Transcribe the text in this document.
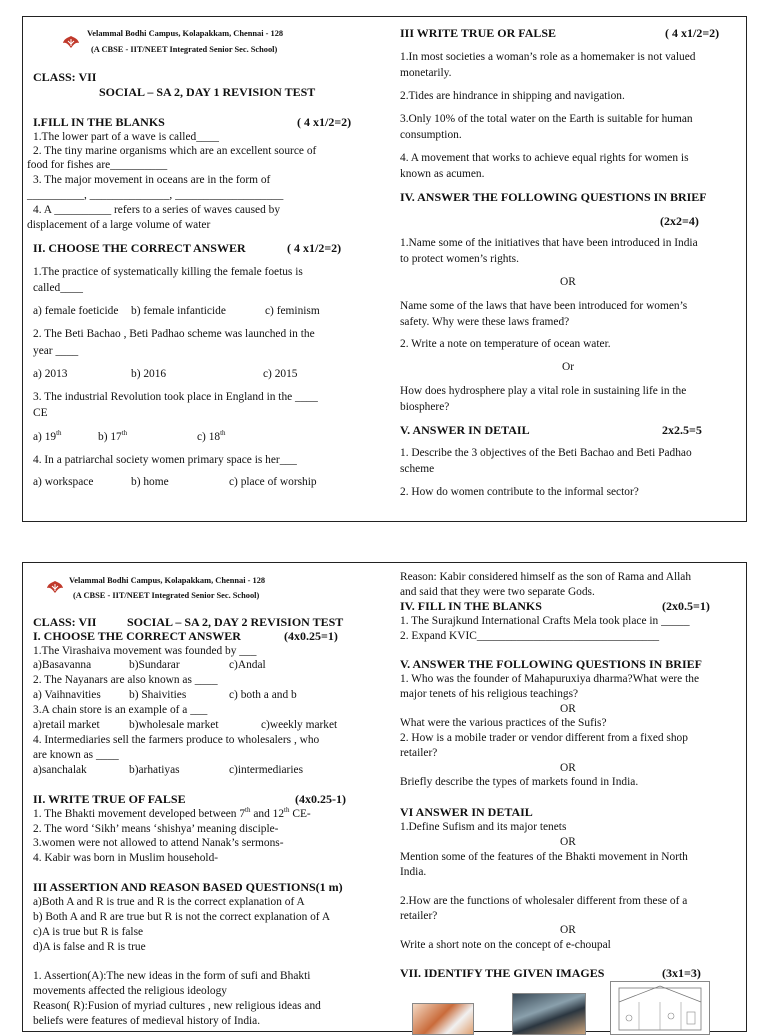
Velammal Bodhi Campus, Kolapakkam, Chennai - 128
(A CBSE - IIT/NEET Integrated Senior Sec. School)
CLASS: VII
SOCIAL – SA 2, DAY 1 REVISION TEST
I.FILL IN THE BLANKS	( 4 x1/2=2)
1.The lower part of a wave is called____
2. The tiny marine organisms which are an excellent source of
food for fishes are__________
3. The major movement in oceans are in the form of
__________, ______________, ___________________
4. A __________ refers to a series of waves caused by
displacement of a large volume of water
II. CHOOSE THE CORRECT ANSWER	( 4 x1/2=2)
1.The practice of systematically killing the female foetus is
called____
a) female foeticide b) female infanticide	c) feminism
2. The Beti Bachao , Beti Padhao scheme was launched in the
year ____
a) 2013	b) 2016	c) 2015
3. The industrial Revolution took place in England in the ____
CE
a) 19th	b) 17th	c) 18th
4. In a patriarchal society women primary space is her___
a) workspace	b) home	c) place of worship
III WRITE TRUE OR FALSE	( 4 x1/2=2)
1.In most societies a woman’s role as a homemaker is not valued
monetarily.
2.Tides are hindrance in shipping and navigation.
3.Only 10% of the total water on the Earth is suitable for human
consumption.
4. A movement that works to achieve equal rights for women is
known as acumen.
IV. ANSWER THE FOLLOWING QUESTIONS IN BRIEF
(2x2=4)
1.Name some of the initiatives that have been introduced in India
to protect women’s rights.
OR
Name some of the laws that have been introduced for women’s
safety. Why were these laws framed?
2. Write a note on temperature of ocean water.
Or
How does hydrosphere play a vital role in sustaining life in the
biosphere?
V. ANSWER IN DETAIL	2x2.5=5
1. Describe the 3 objectives of the Beti Bachao and Beti Padhao
scheme
2. How do women contribute to the informal sector?
Velammal Bodhi Campus, Kolapakkam, Chennai - 128
(A CBSE - IIT/NEET Integrated Senior Sec. School)
CLASS: VII	SOCIAL – SA 2, DAY 2 REVISION TEST
I. CHOOSE THE CORRECT ANSWER	(4x0.25=1)
1.The Virashaiva movement was founded by ___
a)Basavanna	b)Sundarar	c)Andal
2. The Nayanars are also known as ____
a) Vaihnavities b) Shaivities	c) both a and b
3.A chain store is an example of a ___
a)retail market	b)wholesale market	c)weekly market
4. Intermediaries sell the farmers produce to wholesalers , who
are known as ____
a)sanchalak	b)arhatiyas	c)intermediaries
II. WRITE TRUE OF FALSE	(4x0.25-1)
1. The Bhakti movement developed between 7th and 12th CE-
2. The word ‘Sikh’ means ‘shishya’ meaning disciple-
3.women were not allowed to attend Nanak’s sermons-
4. Kabir was born in Muslim household-
III ASSERTION AND REASON BASED QUESTIONS(1 m)
a)Both A and R is true and R is the correct explanation of A
b) Both A and R are true but R is not the correct explanation of A
c)A is true but R is false
d)A is false and R is true
1. Assertion(A):The new ideas in the form of sufi and Bhakti
movements affected the religious ideology
Reason( R):Fusion of myriad cultures , new religious ideas and
beliefs were features of medieval history of India.
Reason: Kabir considered himself as the son of Rama and Allah
and said that they were two separate Gods.
IV. FILL IN THE BLANKS	(2x0.5=1)
1. The Surajkund International Crafts Mela took place in _____
2. Expand KVIC________________________________
V. ANSWER THE FOLLOWING QUESTIONS IN BRIEF
1. Who was the founder of Mahapuruxiya dharma?What were the
major tenets of his religious teachings?
OR
What were the various practices of the Sufis?
2. How is a mobile trader or vendor different from a fixed shop
retailer?
OR
Briefly describe the types of markets found in India.
VI ANSWER IN DETAIL
1.Define Sufism and its major tenets
OR
Mention some of the features of the Bhakti movement in North
India.
2.How are the functions of wholesaler different from these of a
retailer?
OR
Write a short note on the concept of e-choupal
VII. IDENTIFY THE GIVEN IMAGES	(3x1=3)
